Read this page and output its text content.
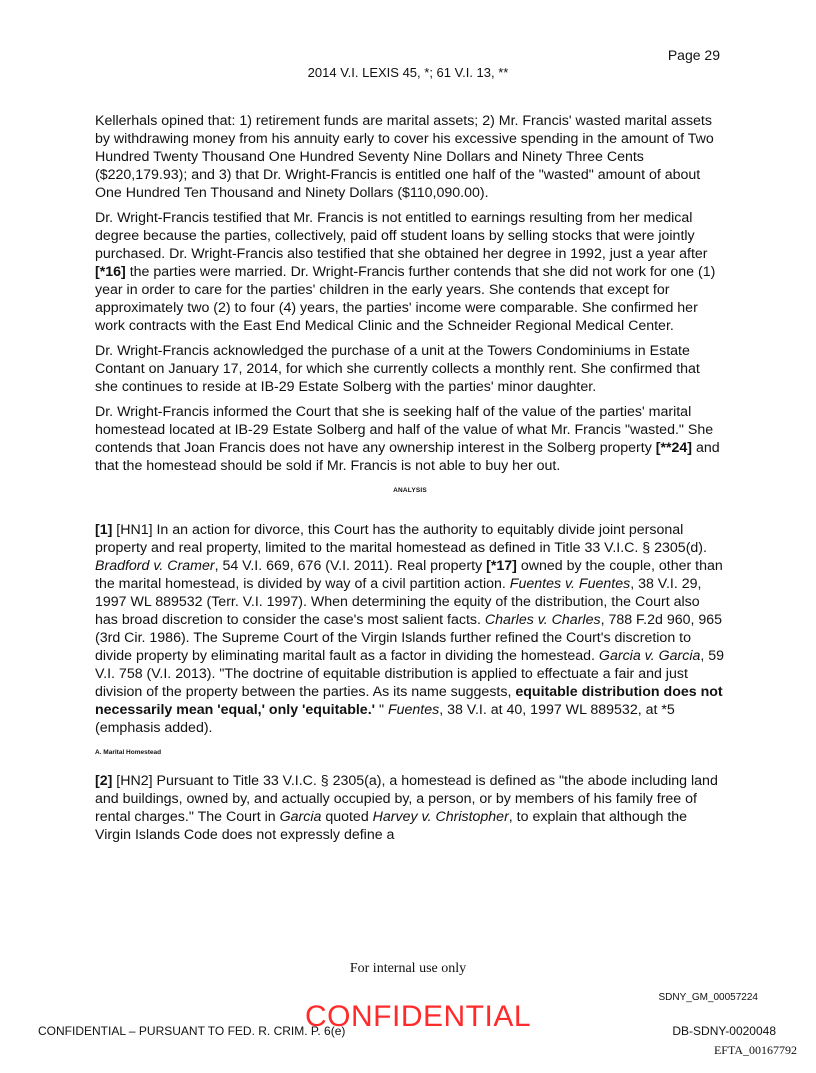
Page 29
2014 V.I. LEXIS 45, *; 61 V.I. 13, **

Kellerhals opined that: 1) retirement funds are marital assets; 2) Mr. Francis' wasted marital assets by withdrawing money from his annuity early to cover his excessive spending in the amount of Two Hundred Twenty Thousand One Hundred Seventy Nine Dollars and Ninety Three Cents ($220,179.93); and 3) that Dr. Wright-Francis is entitled one half of the "wasted" amount of about One Hundred Ten Thousand and Ninety Dollars ($110,090.00).

Dr. Wright-Francis testified that Mr. Francis is not entitled to earnings resulting from her medical degree because the parties, collectively, paid off student loans by selling stocks that were jointly purchased. Dr. Wright-Francis also testified that she obtained her degree in 1992, just a year after [*16] the parties were married. Dr. Wright-Francis further contends that she did not work for one (1) year in order to care for the parties' children in the early years. She contends that except for approximately two (2) to four (4) years, the parties' income were comparable. She confirmed her work contracts with the East End Medical Clinic and the Schneider Regional Medical Center.

Dr. Wright-Francis acknowledged the purchase of a unit at the Towers Condominiums in Estate Contant on January 17, 2014, for which she currently collects a monthly rent. She confirmed that she continues to reside at IB-29 Estate Solberg with the parties' minor daughter.

Dr. Wright-Francis informed the Court that she is seeking half of the value of the parties' marital homestead located at IB-29 Estate Solberg and half of the value of what Mr. Francis "wasted." She contends that Joan Francis does not have any ownership interest in the Solberg property [**24] and that the homestead should be sold if Mr. Francis is not able to buy her out.

ANALYSIS

[1] [HN1] In an action for divorce, this Court has the authority to equitably divide joint personal property and real property, limited to the marital homestead as defined in Title 33 V.I.C. § 2305(d). Bradford v. Cramer, 54 V.I. 669, 676 (V.I. 2011). Real property [*17] owned by the couple, other than the marital homestead, is divided by way of a civil partition action. Fuentes v. Fuentes, 38 V.I. 29, 1997 WL 889532 (Terr. V.I. 1997). When determining the equity of the distribution, the Court also has broad discretion to consider the case's most salient facts. Charles v. Charles, 788 F.2d 960, 965 (3rd Cir. 1986). The Supreme Court of the Virgin Islands further refined the Court's discretion to divide property by eliminating marital fault as a factor in dividing the homestead. Garcia v. Garcia, 59 V.I. 758 (V.I. 2013). "The doctrine of equitable distribution is applied to effectuate a fair and just division of the property between the parties. As its name suggests, equitable distribution does not necessarily mean 'equal,' only 'equitable.' " Fuentes, 38 V.I. at 40, 1997 WL 889532, at *5 (emphasis added).

A. Marital Homestead

[2] [HN2] Pursuant to Title 33 V.I.C. § 2305(a), a homestead is defined as "the abode including land and buildings, owned by, and actually occupied by, a person, or by members of his family free of rental charges." The Court in Garcia quoted Harvey v. Christopher, to explain that although the Virgin Islands Code does not expressly define a

For internal use only
SDNY_GM_00057224
CONFIDENTIAL – PURSUANT TO FED. R. CRIM. P. 6(e)
CONFIDENTIAL	DB-SDNY-0020048
EFTA_00167792
